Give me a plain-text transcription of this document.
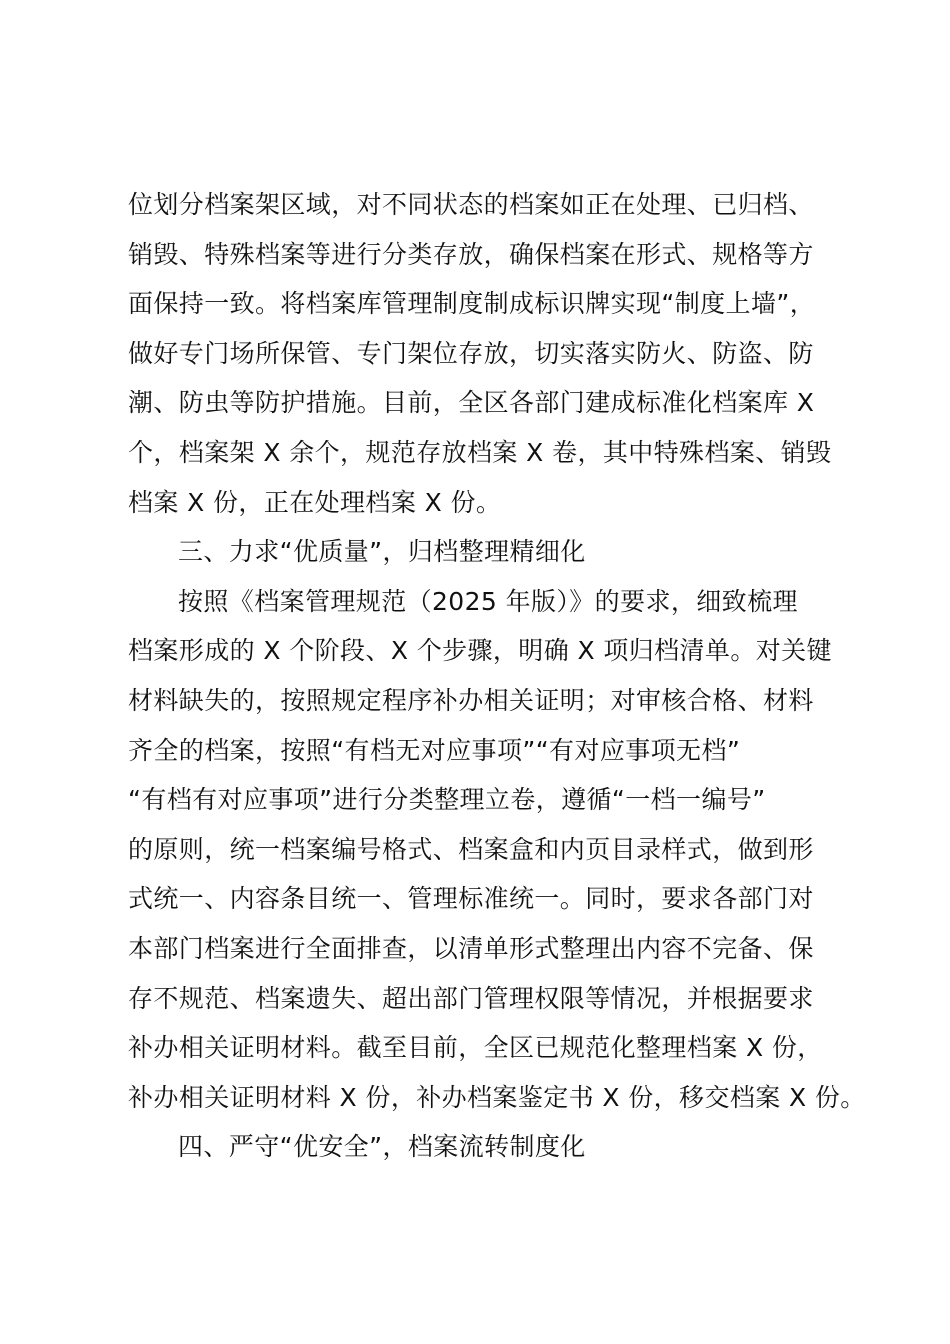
位划分档案架区域，对不同状态的档案如正在处理、已归档、
销毁、特殊档案等进行分类存放，确保档案在形式、规格等方
面保持一致。将档案库管理制度制成标识牌实现“制度上墙”，
做好专门场所保管、专门架位存放，切实落实防火、防盗、防
潮、防虫等防护措施。目前，全区各部门建成标准化档案库 X
个，档案架 X 余个，规范存放档案 X 卷，其中特殊档案、销毁
档案 X 份，正在处理档案 X 份。
三、力求“优质量”，归档整理精细化
按照《档案管理规范（2025 年版）》的要求，细致梳理
档案形成的 X 个阶段、X 个步骤，明确 X 项归档清单。对关键
材料缺失的，按照规定程序补办相关证明；对审核合格、材料
齐全的档案，按照“有档无对应事项”“有对应事项无档”
“有档有对应事项”进行分类整理立卷，遵循“一档一编号”
的原则，统一档案编号格式、档案盒和内页目录样式，做到形
式统一、内容条目统一、管理标准统一。同时，要求各部门对
本部门档案进行全面排查，以清单形式整理出内容不完备、保
存不规范、档案遗失、超出部门管理权限等情况，并根据要求
补办相关证明材料。截至目前，全区已规范化整理档案 X 份，
补办相关证明材料 X 份，补办档案鉴定书 X 份，移交档案 X 份。
四、严守“优安全”，档案流转制度化
